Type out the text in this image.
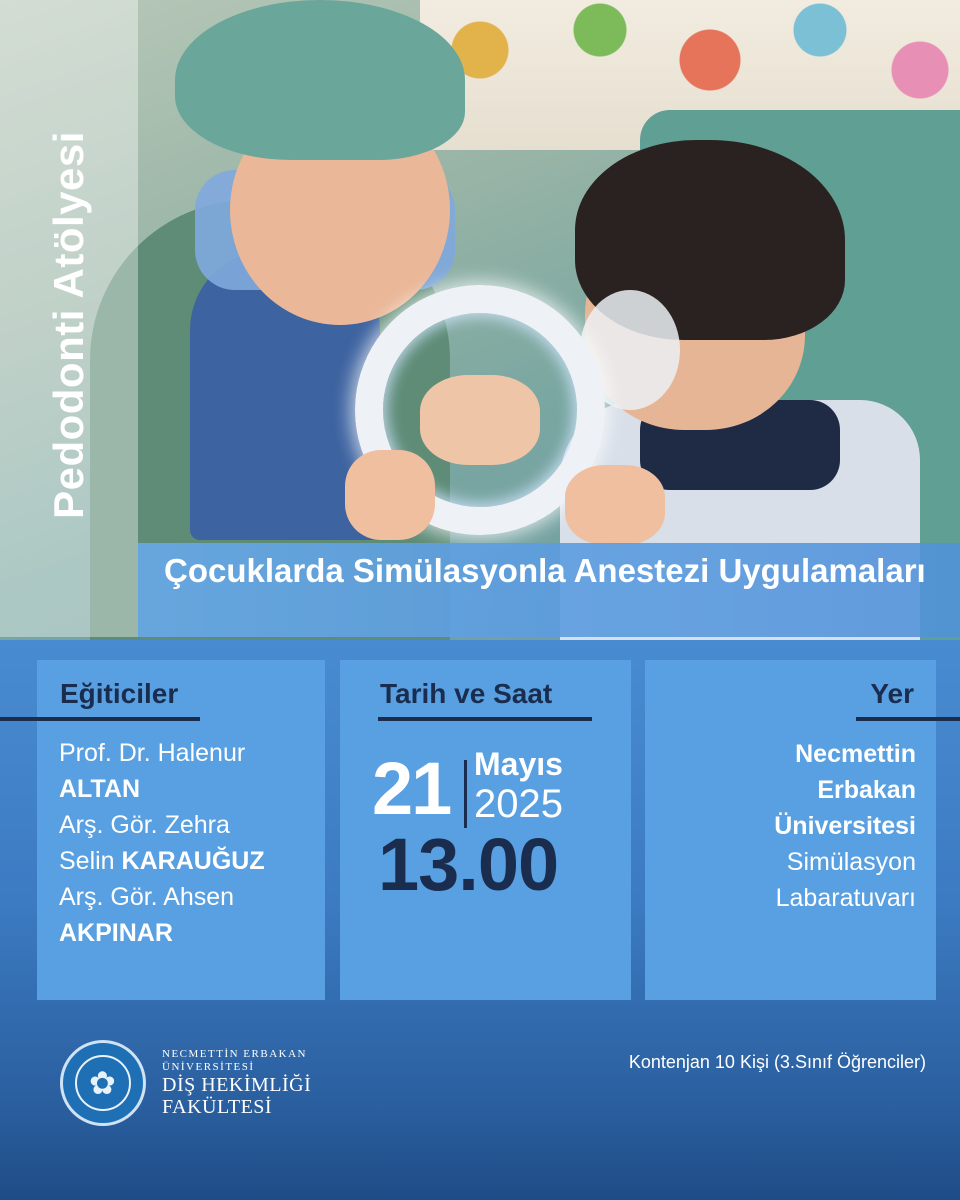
Pedodonti Atölyesi
Çocuklarda Simülasyonla Anestezi Uygulamaları
Eğiticiler
Prof. Dr. Halenur
ALTAN
Arş. Gör. Zehra
Selin KARAUĞUZ
Arş. Gör. Ahsen
AKPINAR
Tarih ve Saat
21 Mayıs
2025
13.00
Yer
Necmettin
Erbakan
Üniversitesi
Simülasyon
Labaratuvarı
✿
NECMETTİN ERBAKAN
ÜNİVERSİTESİ
DİŞ HEKİMLİĞİ
FAKÜLTESİ
Kontenjan 10 Kişi (3.Sınıf Öğrenciler)
